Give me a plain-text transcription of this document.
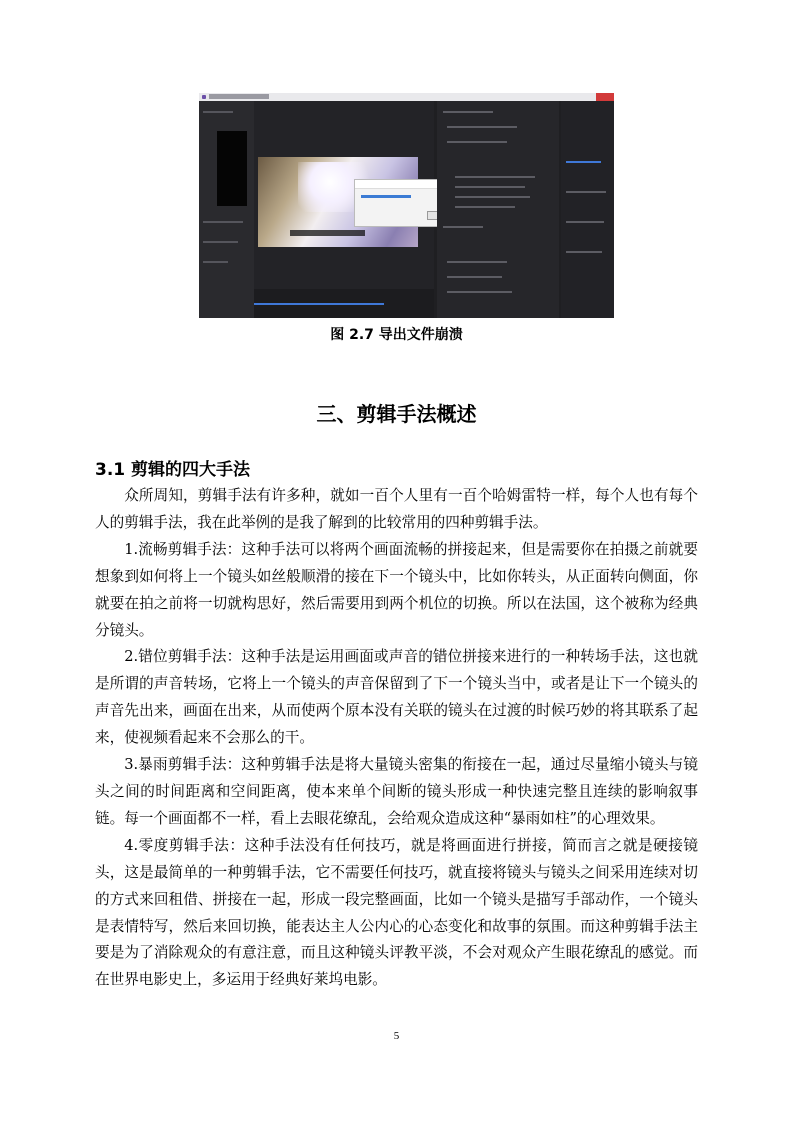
图 2.7 导出文件崩溃
三、剪辑手法概述
3.1 剪辑的四大手法

众所周知，剪辑手法有许多种，就如一百个人里有一百个哈姆雷特一样，每个人也有每个人的剪辑手法，我在此举例的是我了解到的比较常用的四种剪辑手法。

1.流畅剪辑手法：这种手法可以将两个画面流畅的拼接起来，但是需要你在拍摄之前就要想象到如何将上一个镜头如丝般顺滑的接在下一个镜头中，比如你转头，从正面转向侧面，你就要在拍之前将一切就构思好，然后需要用到两个机位的切换。所以在法国，这个被称为经典分镜头。

2.错位剪辑手法：这种手法是运用画面或声音的错位拼接来进行的一种转场手法，这也就是所谓的声音转场，它将上一个镜头的声音保留到了下一个镜头当中，或者是让下一个镜头的声音先出来，画面在出来，从而使两个原本没有关联的镜头在过渡的时候巧妙的将其联系了起来，使视频看起来不会那么的干。

3.暴雨剪辑手法：这种剪辑手法是将大量镜头密集的衔接在一起，通过尽量缩小镜头与镜头之间的时间距离和空间距离，使本来单个间断的镜头形成一种快速完整且连续的影响叙事链。每一个画面都不一样，看上去眼花缭乱，会给观众造成这种“暴雨如柱”的心理效果。

4.零度剪辑手法：这种手法没有任何技巧，就是将画面进行拼接，简而言之就是硬接镜头，这是最简单的一种剪辑手法，它不需要任何技巧，就直接将镜头与镜头之间采用连续对切的方式来回租借、拼接在一起，形成一段完整画面，比如一个镜头是描写手部动作，一个镜头是表情特写，然后来回切换，能表达主人公内心的心态变化和故事的氛围。而这种剪辑手法主要是为了消除观众的有意注意，而且这种镜头评教平淡，不会对观众产生眼花缭乱的感觉。而在世界电影史上，多运用于经典好莱坞电影。

5
